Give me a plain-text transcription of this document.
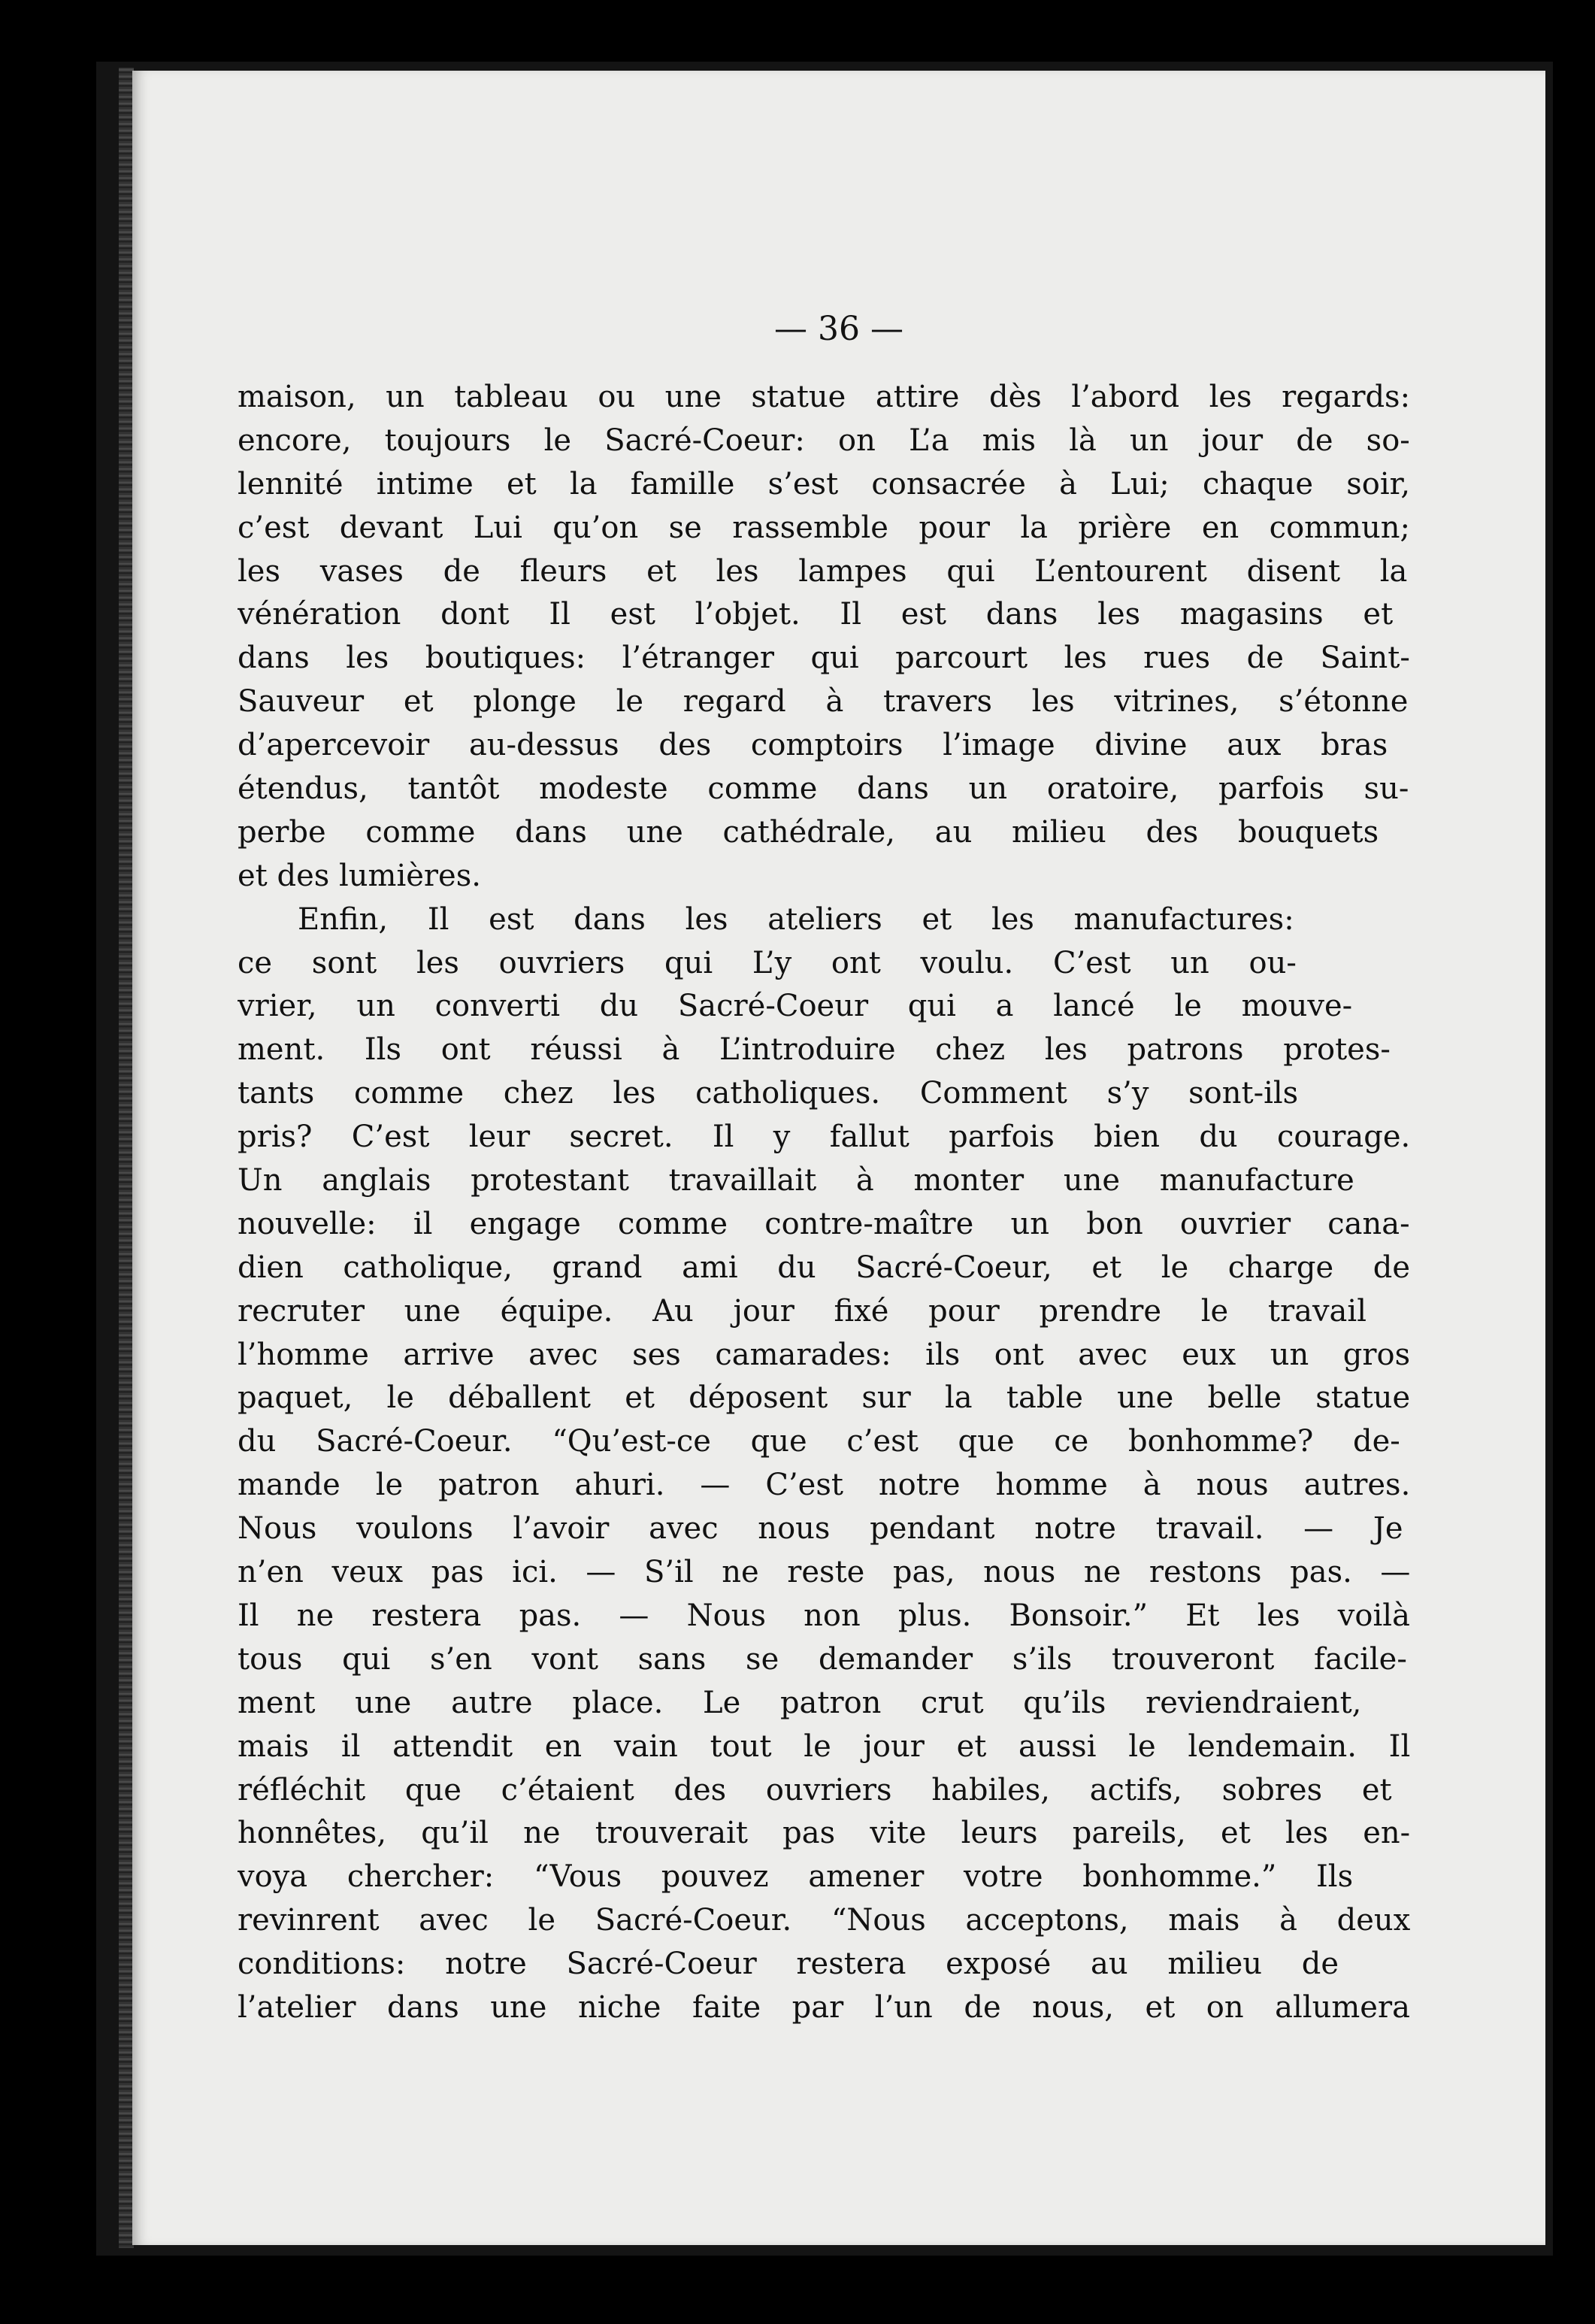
— 36 —

maison, un tableau ou une statue attire dès l’abord les regards:
encore, toujours le Sacré-Coeur: on L’a mis là un jour de so-
lennité intime et la famille s’est consacrée à Lui; chaque soir,
c’est devant Lui qu’on se rassemble pour la prière en commun;
les vases de fleurs et les lampes qui L’entourent disent la
vénération dont Il est l’objet. Il est dans les magasins et
dans les boutiques: l’étranger qui parcourt les rues de Saint-
Sauveur et plonge le regard à travers les vitrines, s’étonne
d’apercevoir au-dessus des comptoirs l’image divine aux bras
étendus, tantôt modeste comme dans un oratoire, parfois su-
perbe comme dans une cathédrale, au milieu des bouquets
et des lumières.
Enfin, Il est dans les ateliers et les manufactures:
ce sont les ouvriers qui L’y ont voulu. C’est un ou-
vrier, un converti du Sacré-Coeur qui a lancé le mouve-
ment. Ils ont réussi à L’introduire chez les patrons protes-
tants comme chez les catholiques. Comment s’y sont-ils
pris? C’est leur secret. Il y fallut parfois bien du courage.
Un anglais protestant travaillait à monter une manufacture
nouvelle: il engage comme contre-maître un bon ouvrier cana-
dien catholique, grand ami du Sacré-Coeur, et le charge de
recruter une équipe. Au jour fixé pour prendre le travail
l’homme arrive avec ses camarades: ils ont avec eux un gros
paquet, le déballent et déposent sur la table une belle statue
du Sacré-Coeur. “Qu’est-ce que c’est que ce bonhomme? de-
mande le patron ahuri. — C’est notre homme à nous autres.
Nous voulons l’avoir avec nous pendant notre travail. — Je
n’en veux pas ici. — S’il ne reste pas, nous ne restons pas. —
Il ne restera pas. — Nous non plus. Bonsoir.” Et les voilà
tous qui s’en vont sans se demander s’ils trouveront facile-
ment une autre place. Le patron crut qu’ils reviendraient,
mais il attendit en vain tout le jour et aussi le lendemain. Il
réfléchit que c’étaient des ouvriers habiles, actifs, sobres et
honnêtes, qu’il ne trouverait pas vite leurs pareils, et les en-
voya chercher: “Vous pouvez amener votre bonhomme.” Ils
revinrent avec le Sacré-Coeur. “Nous acceptons, mais à deux
conditions: notre Sacré-Coeur restera exposé au milieu de
l’atelier dans une niche faite par l’un de nous, et on allumera
